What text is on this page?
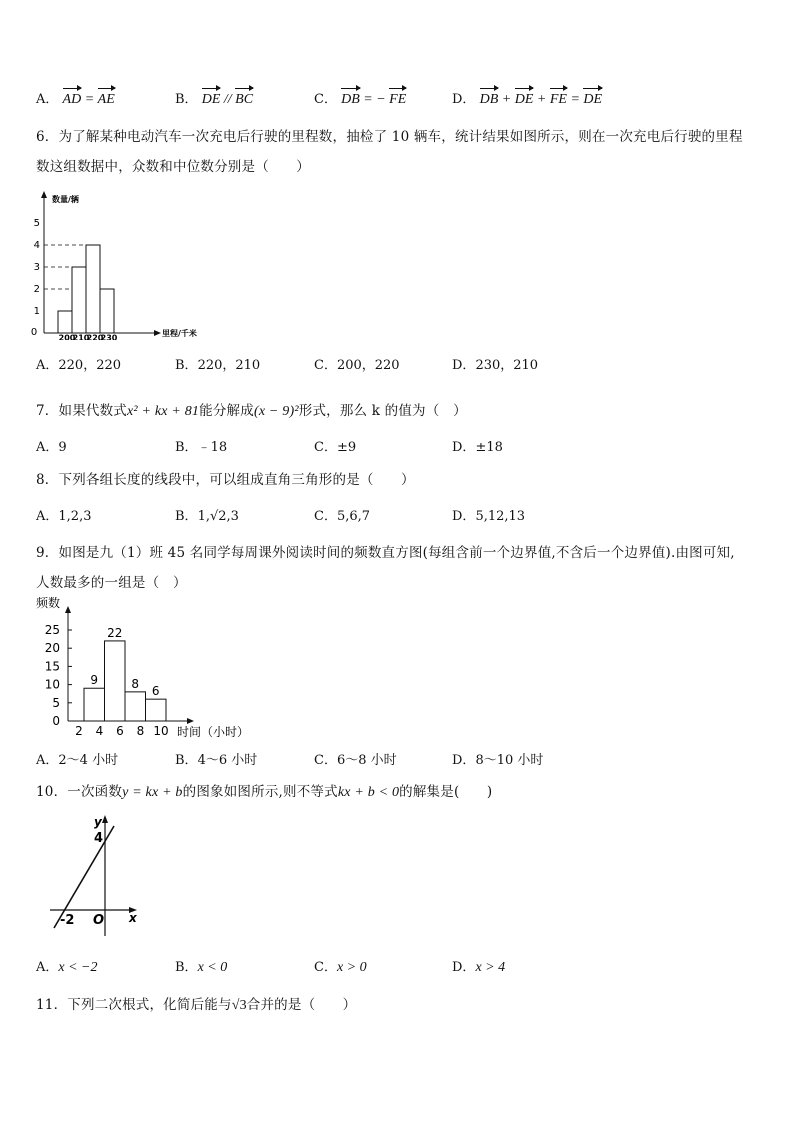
A． AD = AE	B． DE // BC	C． DB = − FE	D． DB + DE + FE = DE
6．为了解某种电动汽车一次充电后行驶的里程数，抽检了 10 辆车，统计结果如图所示，则在一次充电后行驶的里程
数这组数据中，众数和中位数分别是（　　）
数量/辆
里程/千米
0
1
2
3
4
5
200
210
220
230
A．220，220	B．220，210	C．200，220	D．230，210
7．如果代数式x² + kx + 81能分解成(x − 9)²形式，那么 k 的值为（　）
A．9	B．﹣18	C．±9	D．±18
8．下列各组长度的线段中，可以组成直角三角形的是（　　）
A．1,2,3	B．1,√2,3	C．5,6,7	D．5,12,13
9．如图是九（1）班 45 名同学每周课外阅读时间的频数直方图(每组含前一个边界值,不含后一个边界值).由图可知,
人数最多的一组是（　）
频数
时间（小时）
0
5
10
15
20
25
2 4 6 8 10
9
22
8
6
A．2～4 小时	B．4～6 小时	C．6～8 小时	D．8～10 小时
10．一次函数y = kx + b的图象如图所示,则不等式kx + b < 0的解集是(　　)
y
x
4
-2 O
A．x < −2	B．x < 0	C．x > 0	D．x > 4
11．下列二次根式，化简后能与√3合并的是（　　）
